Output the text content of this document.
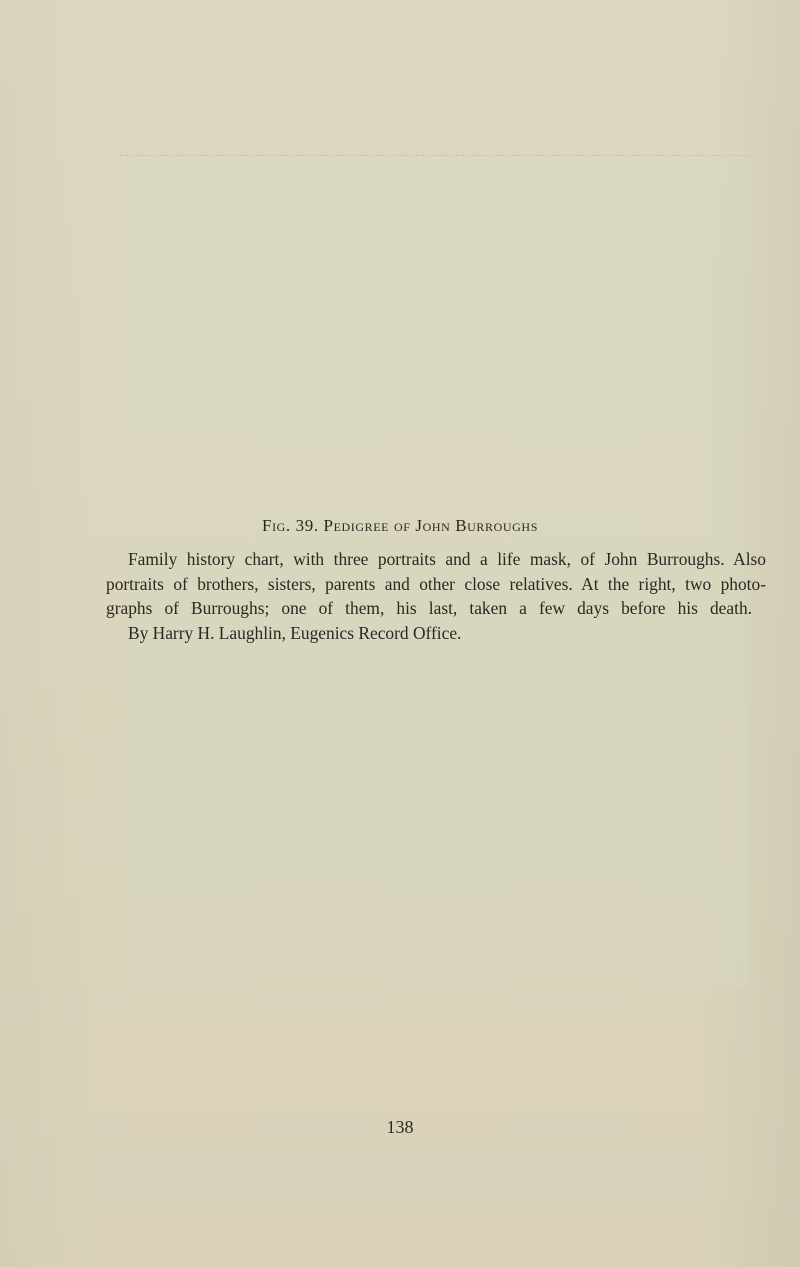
Fig. 39. Pedigree of John Burroughs
Family history chart, with three portraits and a life mask, of John Burroughs. Also
portraits of brothers, sisters, parents and other close relatives. At the right, two photo-
graphs of Burroughs; one of them, his last, taken a few days before his death.
By Harry H. Laughlin, Eugenics Record Office.
138
